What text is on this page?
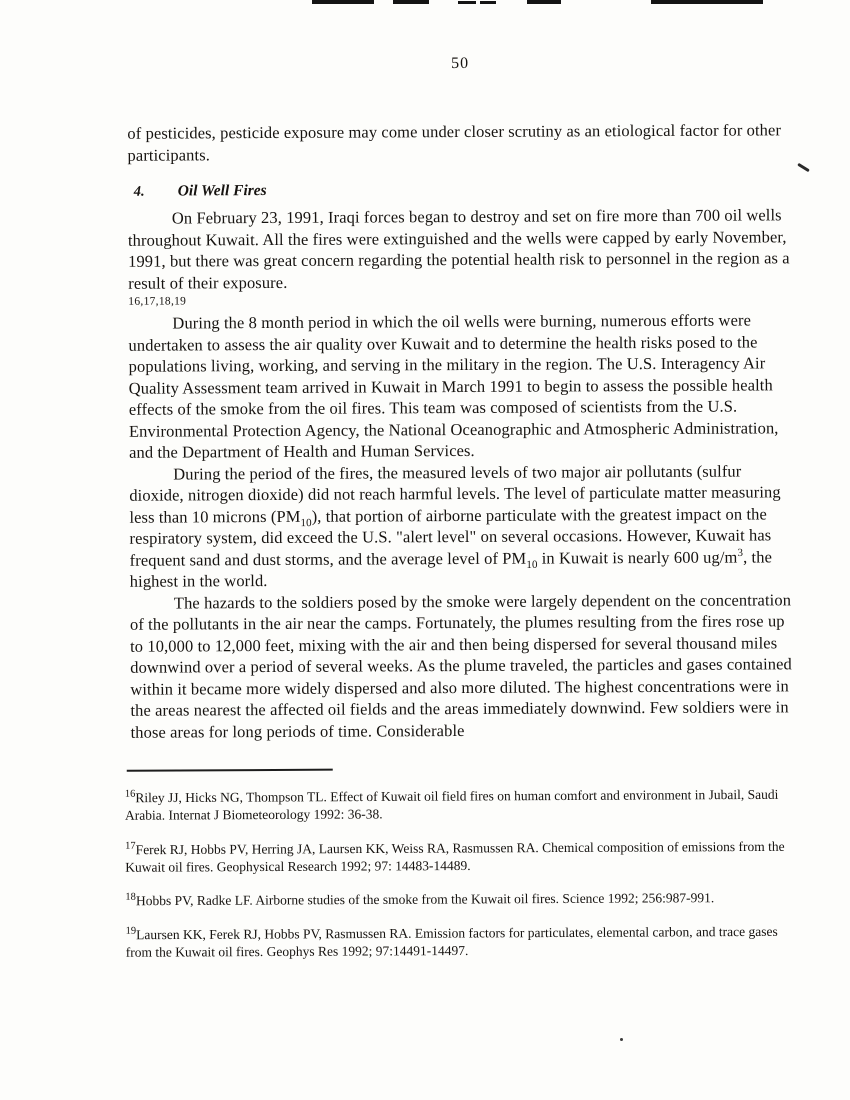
50

of pesticides, pesticide exposure may come under closer scrutiny as an etiological factor for other participants.

4. Oil Well Fires

On February 23, 1991, Iraqi forces began to destroy and set on fire more than 700 oil wells throughout Kuwait. All the fires were extinguished and the wells were capped by early November, 1991, but there was great concern regarding the potential health risk to personnel in the region as a result of their exposure.

16,17,18,19

During the 8 month period in which the oil wells were burning, numerous efforts were undertaken to assess the air quality over Kuwait and to determine the health risks posed to the populations living, working, and serving in the military in the region. The U.S. Interagency Air Quality Assessment team arrived in Kuwait in March 1991 to begin to assess the possible health effects of the smoke from the oil fires. This team was composed of scientists from the U.S. Environmental Protection Agency, the National Oceanographic and Atmospheric Administration, and the Department of Health and Human Services.

During the period of the fires, the measured levels of two major air pollutants (sulfur dioxide, nitrogen dioxide) did not reach harmful levels. The level of particulate matter measuring less than 10 microns $(PM_{10})$, that portion of airborne particulate with the greatest impact on the respiratory system, did exceed the U.S. "alert level" on several occasions. However, Kuwait has frequent sand and dust storms, and the average level of $PM_{10}$ in Kuwait is nearly 600 $ug/m^3$, the highest in the world.

The hazards to the soldiers posed by the smoke were largely dependent on the concentration of the pollutants in the air near the camps. Fortunately, the plumes resulting from the fires rose up to 10,000 to 12,000 feet, mixing with the air and then being dispersed for several thousand miles downwind over a period of several weeks. As the plume traveled, the particles and gases contained within it became more widely dispersed and also more diluted. The highest concentrations were in the areas nearest the affected oil fields and the areas immediately downwind. Few soldiers were in those areas for long periods of time. Considerable

$^{16}$Riley JJ, Hicks NG, Thompson TL. Effect of Kuwait oil field fires on human comfort and environment in Jubail, Saudi Arabia. Internat J Biometeorology 1992: 36-38.
$^{17}$Ferek RJ, Hobbs PV, Herring JA, Laursen KK, Weiss RA, Rasmussen RA. Chemical composition of emissions from the Kuwait oil fires. Geophysical Research 1992; 97: 14483-14489.
$^{18}$Hobbs PV, Radke LF. Airborne studies of the smoke from the Kuwait oil fires. Science 1992; 256:987-991.
$^{19}$Laursen KK, Ferek RJ, Hobbs PV, Rasmussen RA. Emission factors for particulates, elemental carbon, and trace gases from the Kuwait oil fires. Geophys Res 1992; 97:14491-14497.
